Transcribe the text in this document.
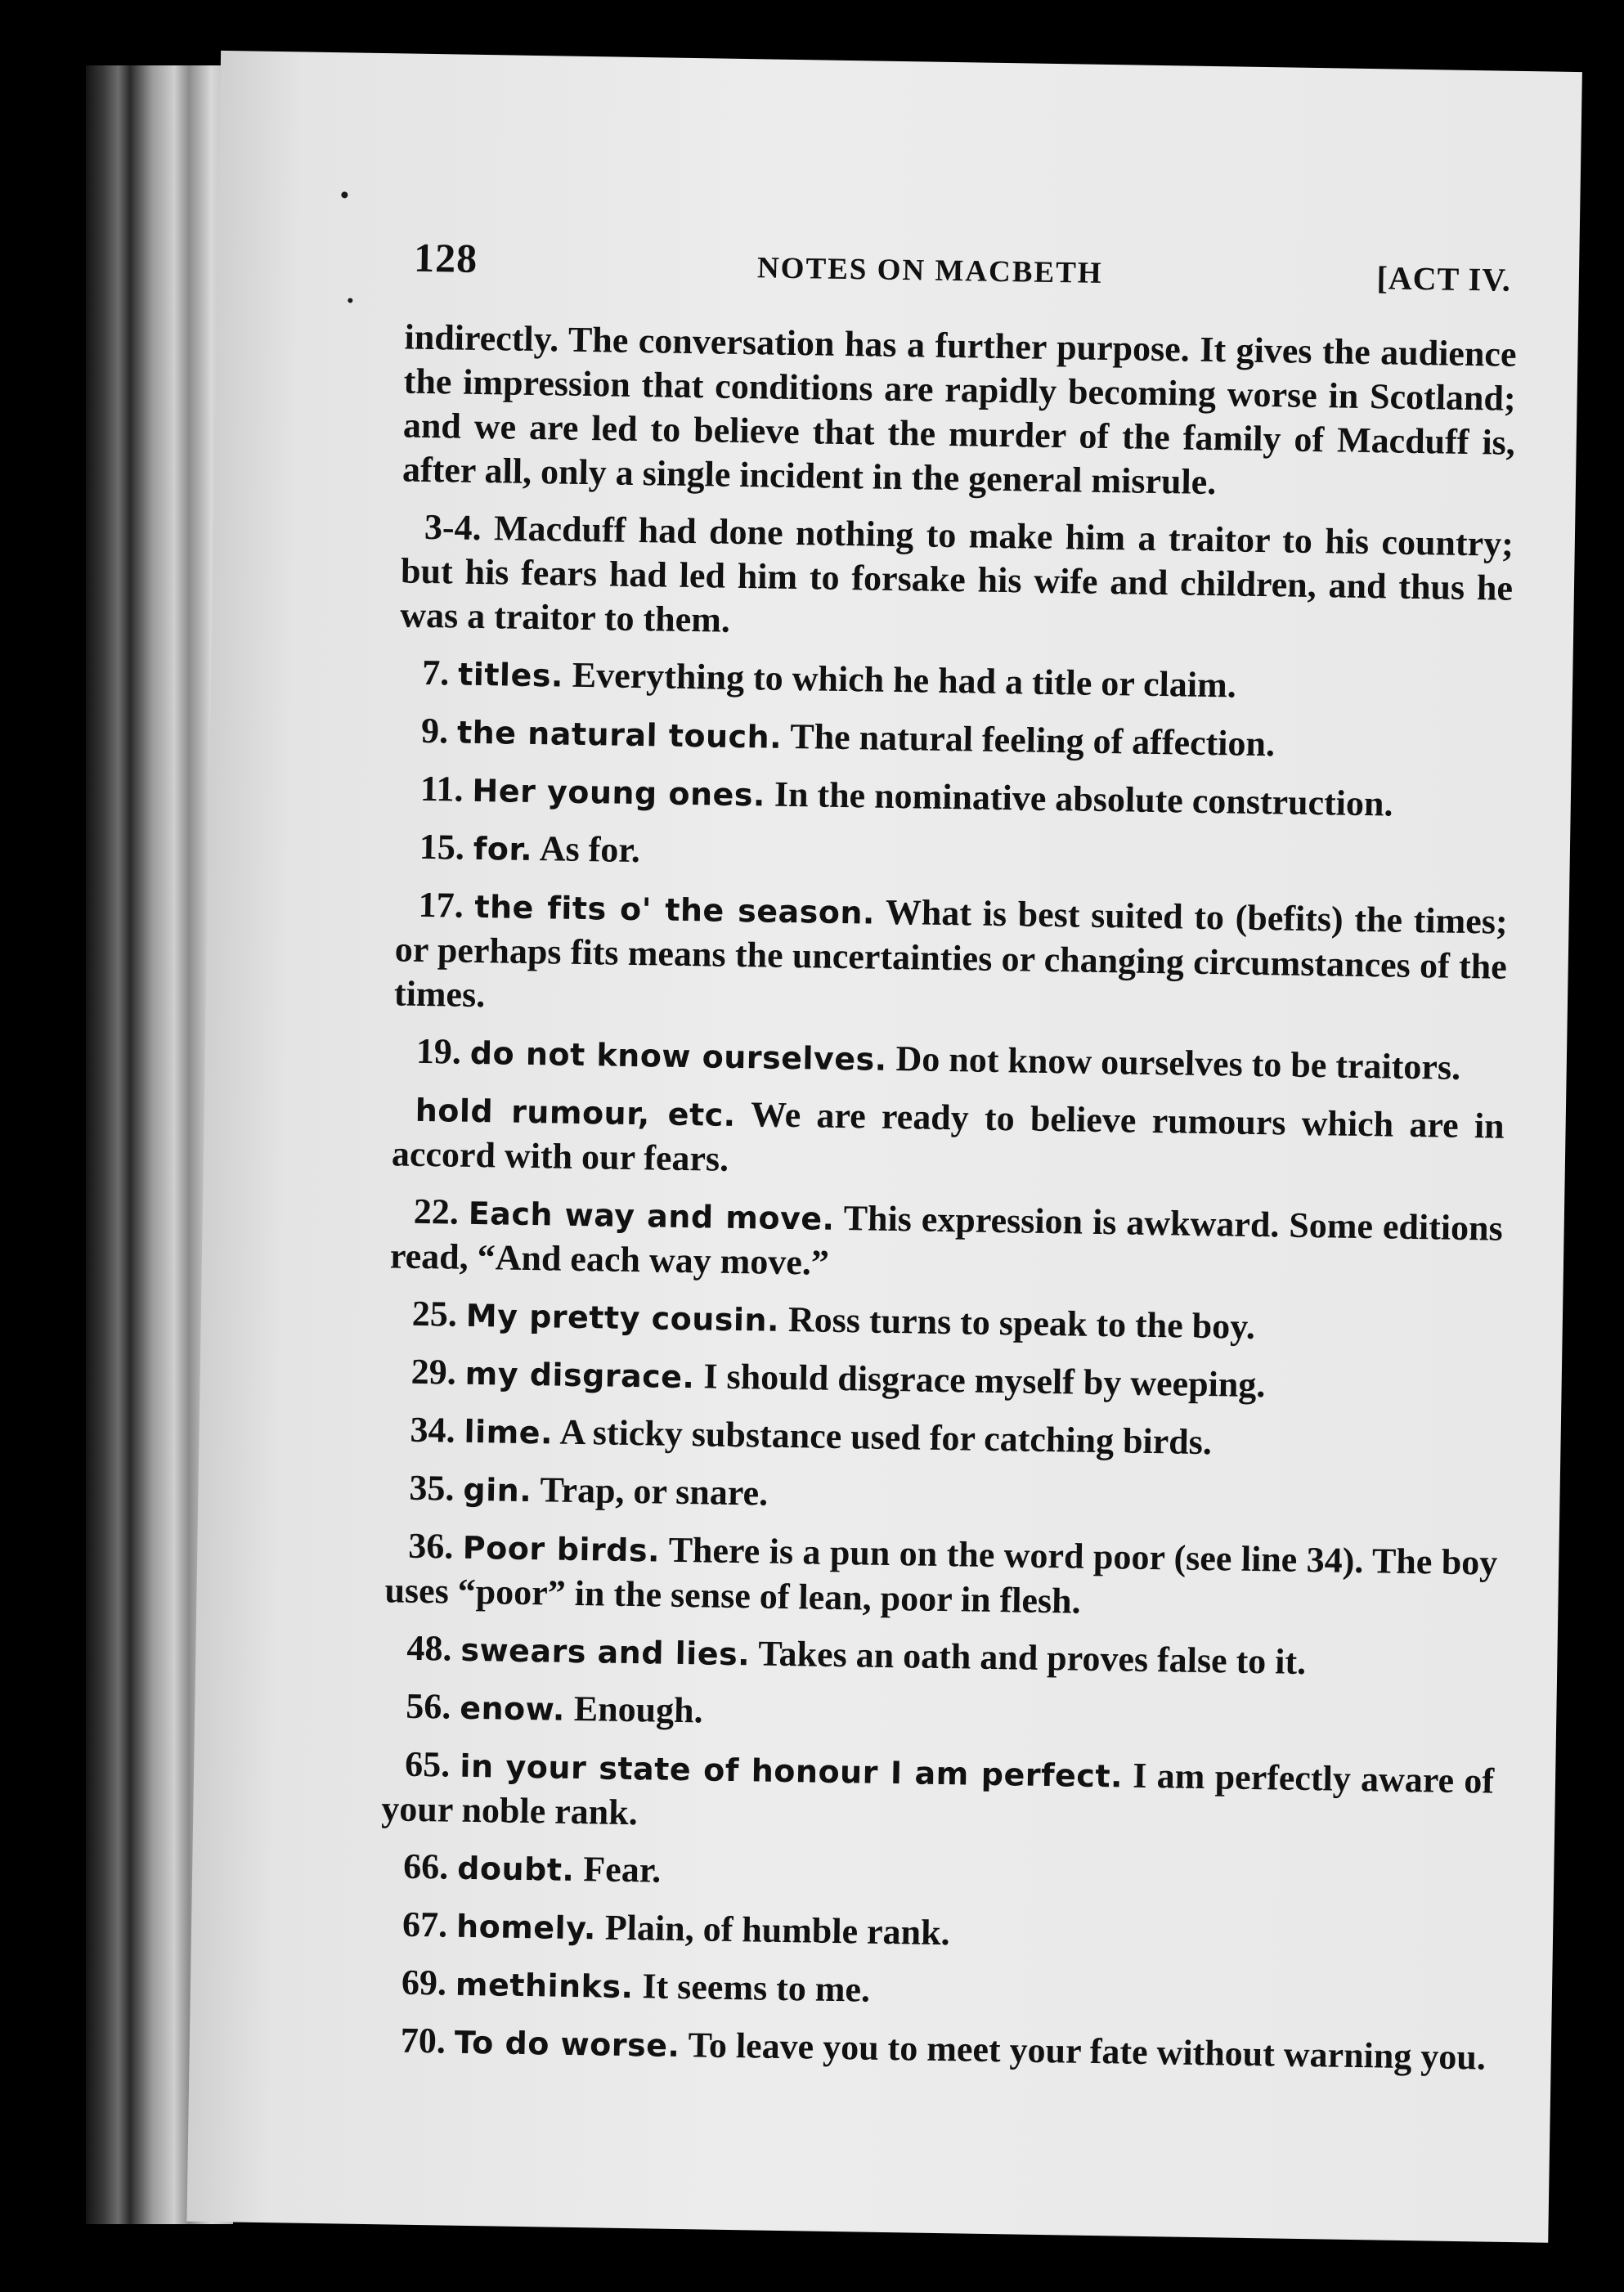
128	NOTES ON MACBETH	[ACT IV.

indirectly. The conversation has a further purpose. It gives the audience the impression that conditions are rapidly becoming worse in Scotland; and we are led to believe that the murder of the family of Macduff is, after all, only a single incident in the general misrule.

3-4. Macduff had done nothing to make him a traitor to his country; but his fears had led him to forsake his wife and children, and thus he was a traitor to them.

7. titles. Everything to which he had a title or claim.

9. the natural touch. The natural feeling of affection.

11. Her young ones. In the nominative absolute construction.

15. for. As for.

17. the fits o' the season. What is best suited to (befits) the times; or perhaps fits means the uncertainties or changing circumstances of the times.

19. do not know ourselves. Do not know ourselves to be traitors.

hold rumour, etc. We are ready to believe rumours which are in accord with our fears.

22. Each way and move. This expression is awkward. Some editions read, “And each way move.”

25. My pretty cousin. Ross turns to speak to the boy.

29. my disgrace. I should disgrace myself by weeping.

34. lime. A sticky substance used for catching birds.

35. gin. Trap, or snare.

36. Poor birds. There is a pun on the word poor (see line 34). The boy uses “poor” in the sense of lean, poor in flesh.

48. swears and lies. Takes an oath and proves false to it.

56. enow. Enough.

65. in your state of honour I am perfect. I am perfectly aware of your noble rank.

66. doubt. Fear.

67. homely. Plain, of humble rank.

69. methinks. It seems to me.

70. To do worse. To leave you to meet your fate without warning you.
